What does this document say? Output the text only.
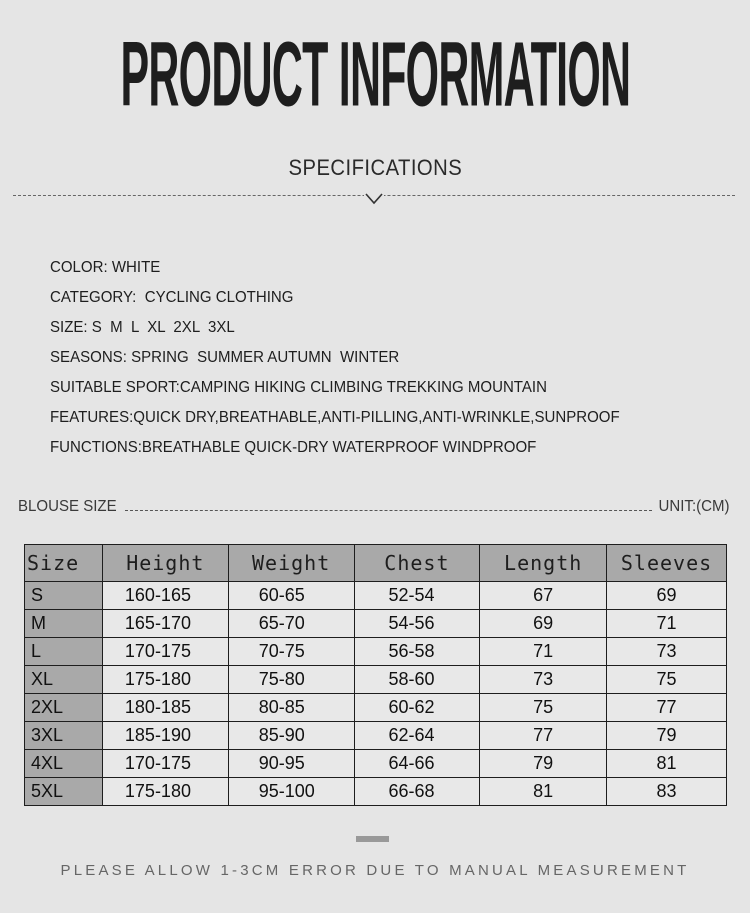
PRODUCT INFORMATION
SPECIFICATIONS
COLOR: WHITE
CATEGORY:  CYCLING CLOTHING
SIZE: S  M  L  XL  2XL  3XL
SEASONS: SPRING  SUMMER AUTUMN  WINTER
SUITABLE SPORT:CAMPING HIKING CLIMBING TREKKING MOUNTAIN
FEATURES:QUICK DRY,BREATHABLE,ANTI-PILLING,ANTI-WRINKLE,SUNPROOF
FUNCTIONS:BREATHABLE QUICK-DRY WATERPROOF WINDPROOF
BLOUSE SIZE	UNIT:(CM)
Size	Height	Weight	Chest	Length	Sleeves
S	160-165	60-65	52-54	67	69
M	165-170	65-70	54-56	69	71
L	170-175	70-75	56-58	71	73
XL	175-180	75-80	58-60	73	75
2XL	180-185	80-85	60-62	75	77
3XL	185-190	85-90	62-64	77	79
4XL	170-175	90-95	64-66	79	81
5XL	175-180	95-100	66-68	81	83
PLEASE ALLOW 1-3CM ERROR DUE TO MANUAL MEASUREMENT
